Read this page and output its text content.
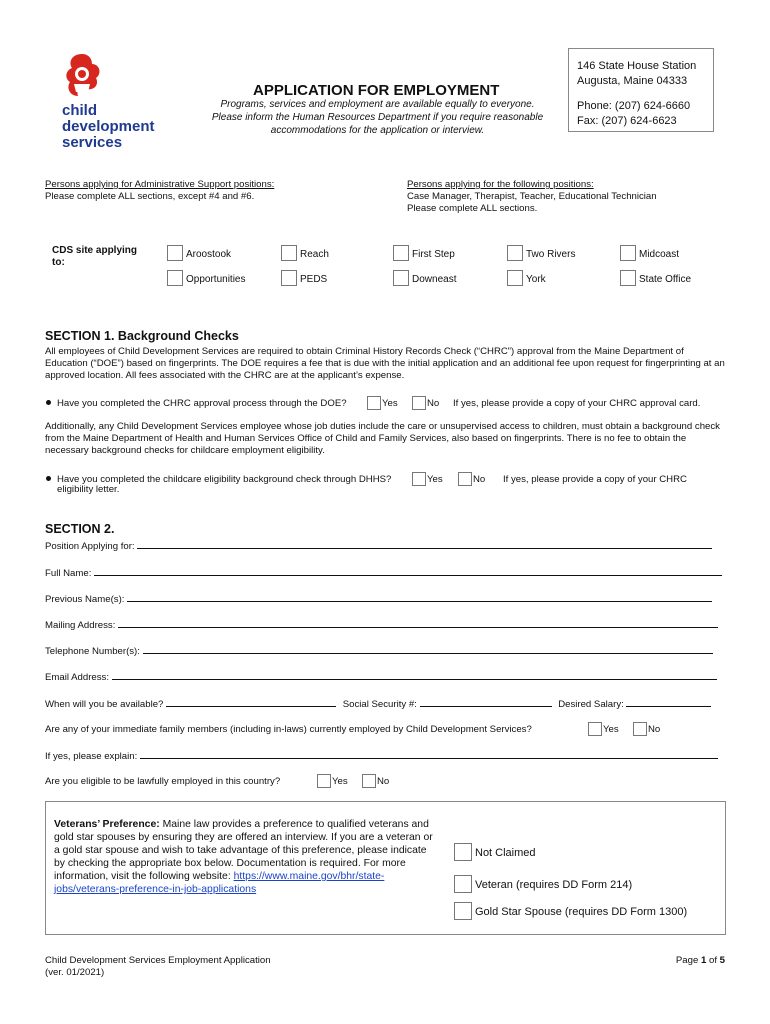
child
development
services
APPLICATION FOR EMPLOYMENT
Programs, services and employment are available equally to everyone. Please inform the Human Resources Department if you require reasonable accommodations for the application or interview.
146 State House Station
Augusta, Maine 04333
Phone: (207) 624-6660
Fax: (207) 624-6623
Persons applying for Administrative Support positions:
Please complete ALL sections, except #4 and #6.
Persons applying for the following positions:
Case Manager, Therapist, Teacher, Educational Technician
Please complete ALL sections.
CDS site applying to:
Aroostook	Reach	First Step	Two Rivers	Midcoast
Opportunities	PEDS	Downeast	York	State Office
SECTION 1. Background Checks
All employees of Child Development Services are required to obtain Criminal History Records Check (“CHRC”) approval from the Maine Department of Education (“DOE”) based on fingerprints. The DOE requires a fee that is due with the initial application and an additional fee upon request for fingerprinting at an approved location. All fees associated with the CHRC are at the applicant’s expense.
Have you completed the CHRC approval process through the DOE?	Yes	No If yes, please provide a copy of your CHRC approval card.
Additionally, any Child Development Services employee whose job duties include the care or unsupervised access to children, must obtain a background check from the Maine Department of Health and Human Services Office of Child and Family Services, also based on fingerprints. There is no fee to obtain the necessary background checks for childcare employment eligibility.
Have you completed the childcare eligibility background check through DHHS?	Yes	No If yes, please provide a copy of your CHRC
eligibility letter.
SECTION 2.
Position Applying for:
Full Name:
Previous Name(s):
Mailing Address:
Telephone Number(s):
Email Address:
When will you be available?	Social Security #:	Desired Salary:
Are any of your immediate family members (including in-laws) currently employed by Child Development Services?	Yes	No
If yes, please explain:
Are you eligible to be lawfully employed in this country?	Yes	No
Veterans’ Preference: Maine law provides a preference to qualified veterans and gold star spouses by ensuring they are offered an interview. If you are a veteran or a gold star spouse and wish to take advantage of this preference, please indicate by checking the appropriate box below. Documentation is required. For more information, visit the following website: https://www.maine.gov/bhr/state-jobs/veterans-preference-in-job-applications
Not Claimed
Veteran (requires DD Form 214)
Gold Star Spouse (requires DD Form 1300)
Child Development Services Employment Application
(ver. 01/2021)
Page 1 of 5
